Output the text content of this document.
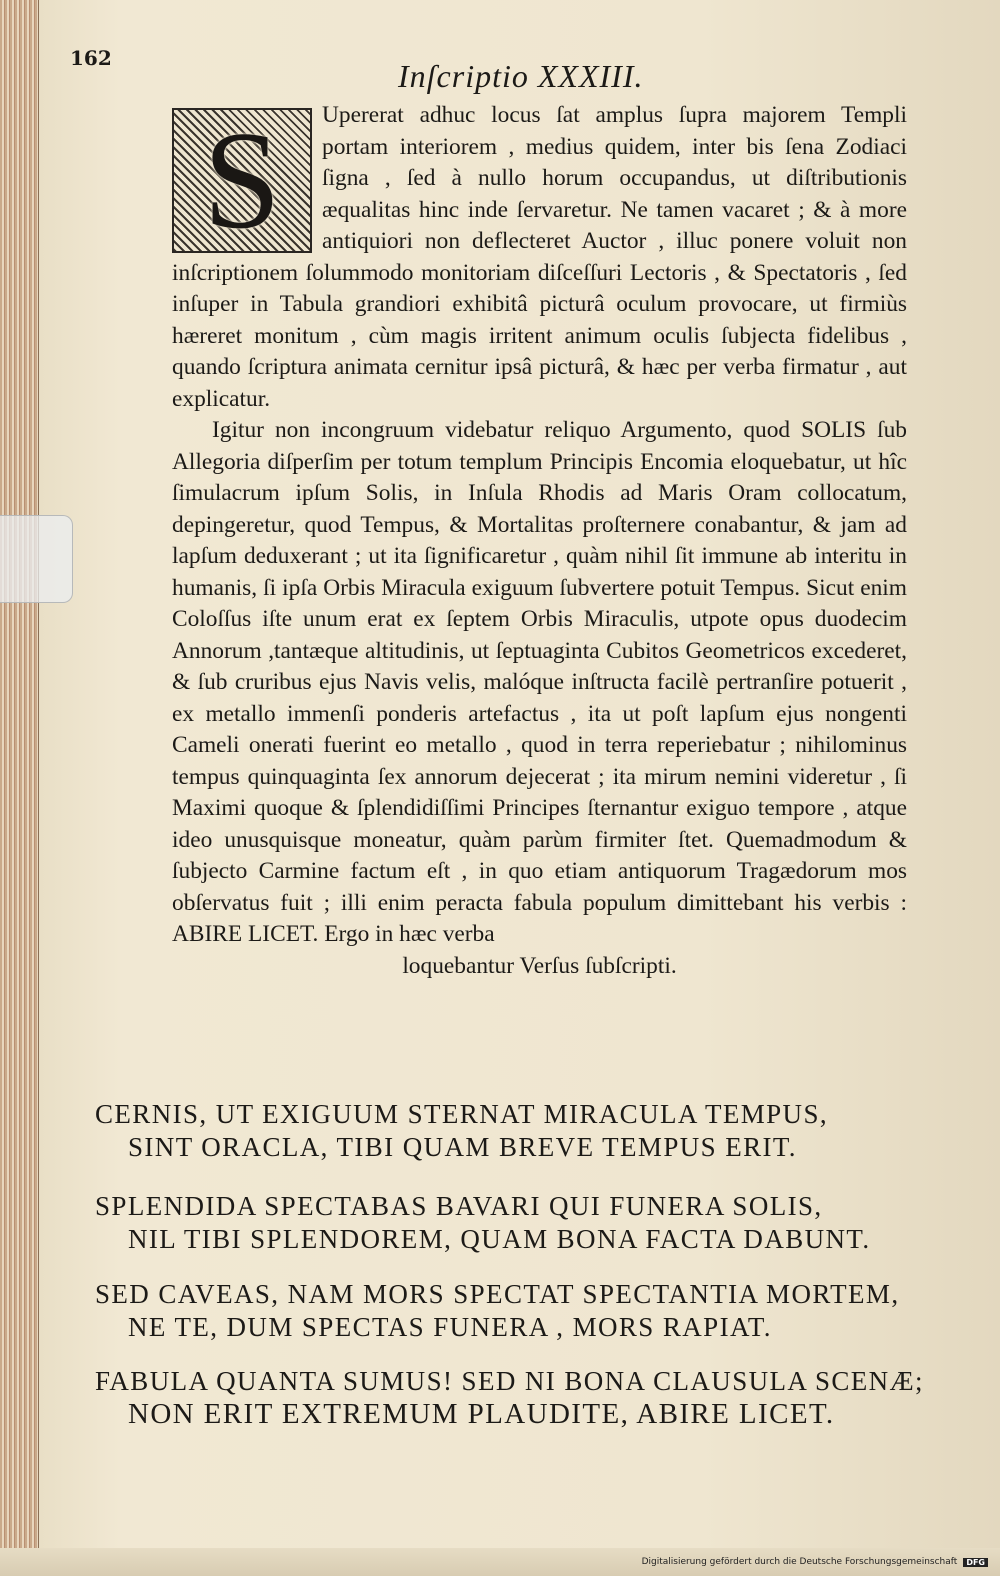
162	Inſcriptio XXXIII.
S	Upererat adhuc locus ſat amplus ſupra majorem Templi portam interiorem , medius quidem, inter bis ſena Zodiaci ſigna , ſed à nullo horum occupandus, ut diſtributionis æqualitas hinc inde ſervaretur. Ne tamen vacaret ; & à more antiquiori non deflecteret Auctor , illuc ponere voluit non inſcriptionem ſolummodo monitoriam diſceſſuri Lectoris , & Spectatoris , ſed inſuper in Tabula grandiori exhibitâ picturâ oculum provocare, ut firmiùs hæreret monitum , cùm magis irritent animum oculis ſubjecta fidelibus , quando ſcriptura animata cernitur ipsâ picturâ, & hæc per verba firmatur , aut explicatur.

Igitur non incongruum videbatur reliquo Argumento, quod SOLIS ſub Allegoria diſperſim per totum templum Principis Encomia eloquebatur, ut hîc ſimulacrum ipſum Solis, in Inſula Rhodis ad Maris Oram collocatum, depingeretur, quod Tempus, & Mortalitas proſternere conabantur, & jam ad lapſum deduxerant ; ut ita ſignificaretur , quàm nihil ſit immune ab interitu in humanis, ſi ipſa Orbis Miracula exiguum ſubvertere potuit Tempus. Sicut enim Coloſſus iſte unum erat ex ſeptem Orbis Miraculis, utpote opus duodecim Annorum ,tantæque altitudinis, ut ſeptuaginta Cubitos Geometricos excederet, & ſub cruribus ejus Navis velis, malóque inſtructa facilè pertranſire potuerit , ex metallo immenſi ponderis artefactus , ita ut poſt lapſum ejus nongenti Cameli onerati fuerint eo metallo , quod in terra reperiebatur ; nihilominus tempus quinquaginta ſex annorum dejecerat ; ita mirum nemini videretur , ſi Maximi quoque & ſplendidiſſimi Principes ſternantur exiguo tempore , atque ideo unusquisque moneatur, quàm parùm firmiter ſtet. Quemadmodum & ſubjecto Carmine factum eſt , in quo etiam antiquorum Tragædorum mos obſervatus fuit ; illi enim peracta fabula populum dimittebant his verbis : ABIRE LICET. Ergo in hæc verba

loquebantur Verſus ſubſcripti.

CERNIS, UT EXIGUUM STERNAT MIRACULA TEMPUS,
SINT ORACLA, TIBI QUAM BREVE TEMPUS ERIT.
SPLENDIDA SPECTABAS BAVARI QUI FUNERA SOLIS,
NIL TIBI SPLENDOREM, QUAM BONA FACTA DABUNT.
SED CAVEAS, NAM MORS SPECTAT SPECTANTIA MORTEM,
NE TE, DUM SPECTAS FUNERA , MORS RAPIAT.
FABULA QUANTA SUMUS! SED NI BONA CLAUSULA SCENÆ;
NON ERIT EXTREMUM PLAUDITE, ABIRE LICET.
Digitalisierung gefördert durch die Deutsche Forschungsgemeinschaft	DFG
